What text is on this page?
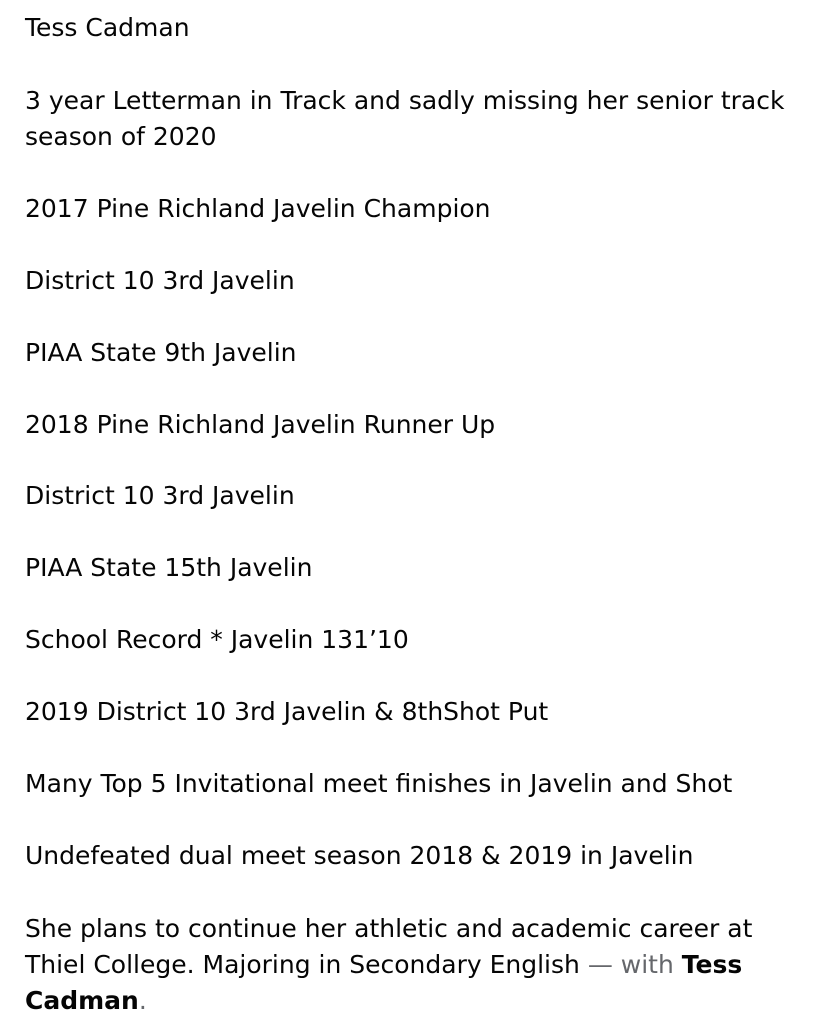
Tess Cadman

3 year Letterman in Track and sadly missing her senior track season of 2020

2017 Pine Richland Javelin Champion

District 10 3rd Javelin

PIAA State 9th Javelin

2018 Pine Richland Javelin Runner Up

District 10 3rd Javelin

PIAA State 15th Javelin

School Record * Javelin 131’10

2019 District 10 3rd Javelin & 8thShot Put

Many Top 5 Invitational meet finishes in Javelin and Shot

Undefeated dual meet season 2018 & 2019 in Javelin

She plans to continue her athletic and academic career at Thiel College. Majoring in Secondary English — with Tess Cadman.
